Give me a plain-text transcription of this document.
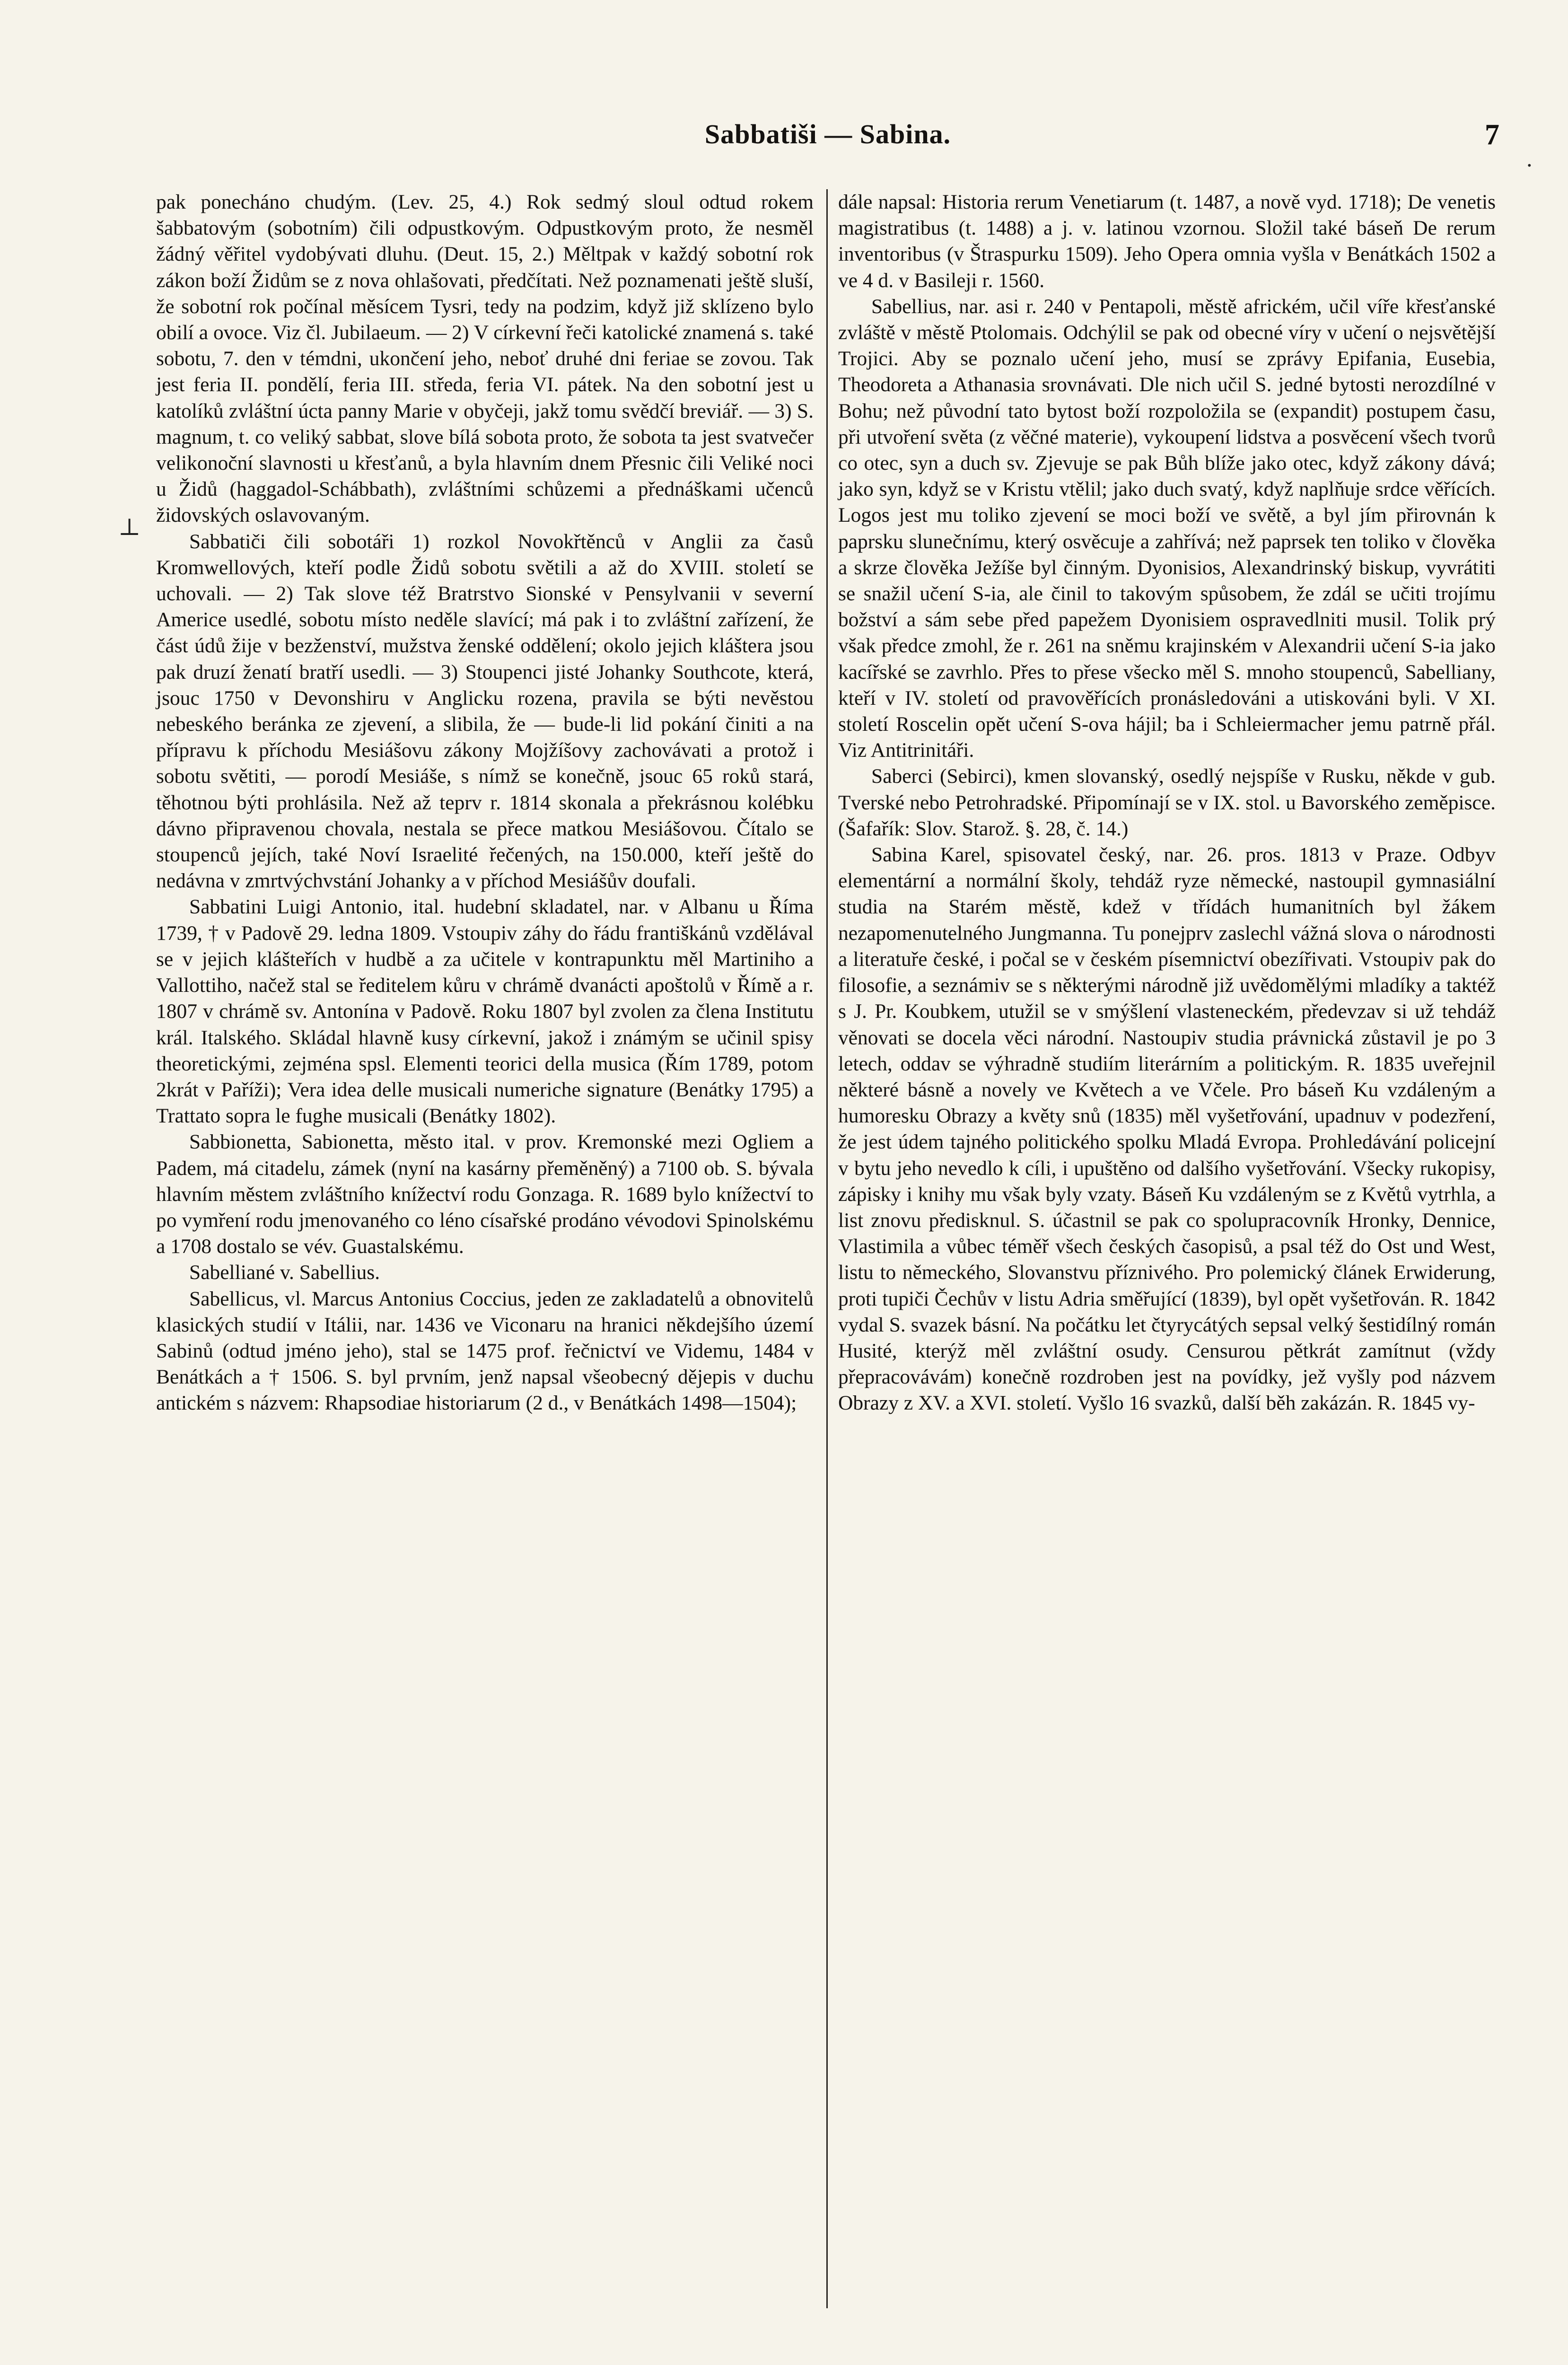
Sabbatiši — Sabina.	7
⊥
·

pak ponecháno chudým. (Lev. 25, 4.) Rok sedmý sloul odtud rokem šabbatovým (sobotním) čili odpustkovým. Odpustkovým proto, že nesměl žádný věřitel vydobývati dluhu. (Deut. 15, 2.) Měltpak v každý sobotní rok zákon boží Židům se z nova ohlašovati, předčítati. Než poznamenati ještě sluší, že sobotní rok počínal měsícem Tysri, tedy na podzim, když již sklízeno bylo obilí a ovoce. Viz čl. Jubilaeum. — 2) V církevní řeči katolické znamená s. také sobotu, 7. den v témdni, ukončení jeho, neboť druhé dni feriae se zovou. Tak jest feria II. pondělí, feria III. středa, feria VI. pátek. Na den sobotní jest u katolíků zvláštní úcta panny Marie v obyčeji, jakž tomu svědčí breviář. — 3) S. magnum, t. co veliký sabbat, slove bílá sobota proto, že sobota ta jest svatvečer velikonoční slavnosti u křesťanů, a byla hlavním dnem Přesnic čili Veliké noci u Židů (haggadol-Schábbath), zvláštními schůzemi a přednáškami učenců židovských oslavovaným.

Sabbatiči čili sobotáři 1) rozkol Novokřtěnců v Anglii za časů Kromwellových, kteří podle Židů sobotu světili a až do XVIII. století se uchovali. — 2) Tak slove též Bratrstvo Sionské v Pensylvanii v severní Americe usedlé, sobotu místo neděle slavící; má pak i to zvláštní zařízení, že část údů žije v bezženství, mužstva ženské oddělení; okolo jejich kláštera jsou pak druzí ženatí bratří usedli. — 3) Stoupenci jisté Johanky Southcote, která, jsouc 1750 v Devonshiru v Anglicku rozena, pravila se býti nevěstou nebeského beránka ze zjevení, a slibila, že — bude-li lid pokání činiti a na přípravu k příchodu Mesiášovu zákony Mojžíšovy zachovávati a protož i sobotu světiti, — porodí Mesiáše, s nímž se konečně, jsouc 65 roků stará, těhotnou býti prohlásila. Než až teprv r. 1814 skonala a překrásnou kolébku dávno připravenou chovala, nestala se přece matkou Mesiášovou. Čítalo se stoupenců jejích, také Noví Israelité řečených, na 150.000, kteří ještě do nedávna v zmrtvýchvstání Johanky a v příchod Mesiášův doufali.

Sabbatini Luigi Antonio, ital. hudební skladatel, nar. v Albanu u Říma 1739, † v Padově 29. ledna 1809. Vstoupiv záhy do řádu františkánů vzdělával se v jejich klášteřích v hudbě a za učitele v kontrapunktu měl Martiniho a Vallottiho, načež stal se ředitelem kůru v chrámě dvanácti apoštolů v Římě a r. 1807 v chrámě sv. Antonína v Padově. Roku 1807 byl zvolen za člena Institutu král. Italského. Skládal hlavně kusy církevní, jakož i známým se učinil spisy theoretickými, zejména spsl. Elementi teorici della musica (Řím 1789, potom 2krát v Paříži); Vera idea delle musicali numeriche signature (Benátky 1795) a Trattato sopra le fughe musicali (Benátky 1802).

Sabbionetta, Sabionetta, město ital. v prov. Kremonské mezi Ogliem a Padem, má citadelu, zámek (nyní na kasárny přeměněný) a 7100 ob. S. bývala hlavním městem zvláštního knížectví rodu Gonzaga. R. 1689 bylo knížectví to po vymření rodu jmenovaného co léno císařské prodáno vévodovi Spinolskému a 1708 dostalo se vév. Guastalskému.

Sabelliané v. Sabellius.

Sabellicus, vl. Marcus Antonius Coccius, jeden ze zakladatelů a obnovitelů klasických studií v Itálii, nar. 1436 ve Viconaru na hranici někdejšího území Sabinů (odtud jméno jeho), stal se 1475 prof. řečnictví ve Videmu, 1484 v Benátkách a † 1506. S. byl prvním, jenž napsal všeobecný dějepis v duchu antickém s názvem: Rhapsodiae historiarum (2 d., v Benátkách 1498—1504);

dále napsal: Historia rerum Venetiarum (t. 1487, a nově vyd. 1718); De venetis magistratibus (t. 1488) a j. v. latinou vzornou. Složil také báseň De rerum inventoribus (v Štraspurku 1509). Jeho Opera omnia vyšla v Benátkách 1502 a ve 4 d. v Basileji r. 1560.

Sabellius, nar. asi r. 240 v Pentapoli, městě africkém, učil víře křesťanské zvláště v městě Ptolomais. Odchýlil se pak od obecné víry v učení o nejsvětější Trojici. Aby se poznalo učení jeho, musí se zprávy Epifania, Eusebia, Theodoreta a Athanasia srovnávati. Dle nich učil S. jedné bytosti nerozdílné v Bohu; než původní tato bytost boží rozpoložila se (expandit) postupem času, při utvoření světa (z věčné materie), vykoupení lidstva a posvěcení všech tvorů co otec, syn a duch sv. Zjevuje se pak Bůh blíže jako otec, když zákony dává; jako syn, když se v Kristu vtělil; jako duch svatý, když naplňuje srdce věřících. Logos jest mu toliko zjevení se moci boží ve světě, a byl jím přirovnán k paprsku slunečnímu, který osvěcuje a zahřívá; než paprsek ten toliko v člověka a skrze člověka Ježíše byl činným. Dyonisios, Alexandrinský biskup, vyvrátiti se snažil učení S-ia, ale činil to takovým spůsobem, že zdál se učiti trojímu božství a sám sebe před papežem Dyonisiem ospravedlniti musil. Tolik prý však předce zmohl, že r. 261 na sněmu krajinském v Alexandrii učení S-ia jako kacířské se zavrhlo. Přes to přese všecko měl S. mnoho stoupenců, Sabelliany, kteří v IV. století od pravověřících pronásledováni a utiskováni byli. V XI. století Roscelin opět učení S-ova hájil; ba i Schleiermacher jemu patrně přál. Viz Antitrinitáři.

Saberci (Sebirci), kmen slovanský, osedlý nejspíše v Rusku, někde v gub. Tverské nebo Petrohradské. Připomínají se v IX. stol. u Bavorského zeměpisce. (Šafařík: Slov. Starož. §. 28, č. 14.)

Sabina Karel, spisovatel český, nar. 26. pros. 1813 v Praze. Odbyv elementární a normální školy, tehdáž ryze německé, nastoupil gymnasiální studia na Starém městě, kdež v třídách humanitních byl žákem nezapomenutelného Jungmanna. Tu ponejprv zaslechl vážná slova o národnosti a literatuře české, i počal se v českém písemnictví obezířivati. Vstoupiv pak do filosofie, a seznámiv se s některými národně již uvědomělými mladíky a taktéž s J. Pr. Koubkem, utužil se v smýšlení vlasteneckém, předevzav si už tehdáž věnovati se docela věci národní. Nastoupiv studia právnická zůstavil je po 3 letech, oddav se výhradně studiím literárním a politickým. R. 1835 uveřejnil některé básně a novely ve Květech a ve Včele. Pro báseň Ku vzdáleným a humoresku Obrazy a květy snů (1835) měl vyšetřování, upadnuv v podezření, že jest údem tajného politického spolku Mladá Evropa. Prohledávání policejní v bytu jeho nevedlo k cíli, i upuštěno od dalšího vyšetřování. Všecky rukopisy, zápisky i knihy mu však byly vzaty. Báseň Ku vzdáleným se z Květů vytrhla, a list znovu předisknul. S. účastnil se pak co spolupracovník Hronky, Dennice, Vlastimila a vůbec téměř všech českých časopisů, a psal též do Ost und West, listu to německého, Slovanstvu příznivého. Pro polemický článek Erwiderung, proti tupiči Čechův v listu Adria směřující (1839), byl opět vyšetřován. R. 1842 vydal S. svazek básní. Na počátku let čtyrycátých sepsal velký šestidílný román Husité, kterýž měl zvláštní osudy. Censurou pětkrát zamítnut (vždy přepracovávám) konečně rozdroben jest na povídky, jež vyšly pod názvem Obrazy z XV. a XVI. století. Vyšlo 16 svazků, další běh zakázán. R. 1845 vy-
